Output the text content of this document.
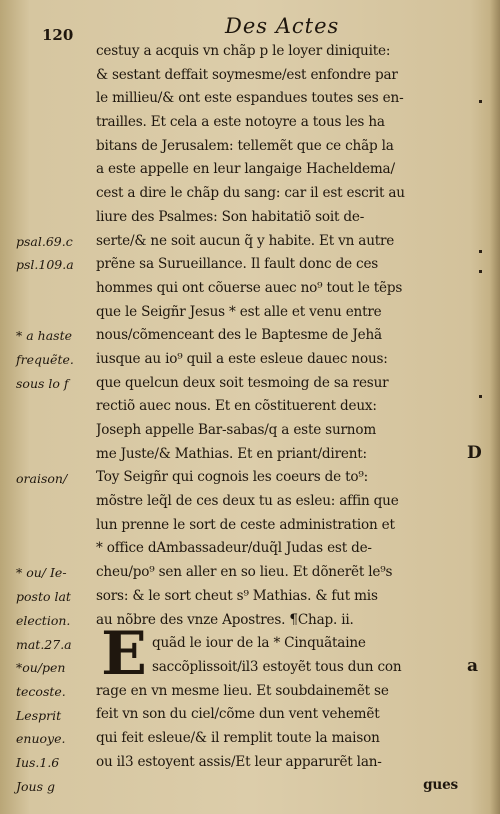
120	Des Actes
psal.69.c
psl.109.a
* a haste
frequẽte.
sous lo f
oraison/
* ou/ Ie-
posto lat
election.
mat.27.a
*ou/pen
tecoste.
Lesprit
enuoye.
Ius.1.6
Jous g
cestuy a acquis vn chãp p le loyer diniquite:
& sestant deffait soymesme/est enfondre par
le millieu/& ont este espandues toutes ses en-
trailles. Et cela a este notoyre a tous les ha
bitans de Jerusalem: tellemẽt que ce chãp la
a este appelle en leur langaige Hacheldema/
cest a dire le chãp du sang: car il est escrit au
liure des Psalmes: Son habitatiõ soit de-
serte/& ne soit aucun q̃ y habite. Et vn autre
prẽne sa Surueillance. Il fault donc de ces
hommes qui ont cõuerse auec no⁹ tout le tẽps
que le Seigñr Jesus * est alle et venu entre
nous/cõmenceant des le Baptesme de Jehã
iusque au io⁹ quil a este esleue dauec nous:
que quelcun deux soit tesmoing de sa resur
rectiõ auec nous. Et en cõstituerent deux:
Joseph appelle Bar-sabas/q a este surnom
me Juste/& Mathias. Et en priant/dirent:
Toy Seigñr qui cognois les coeurs de to⁹:
mõstre leq̃l de ces deux tu as esleu: affin que
lun prenne le sort de ceste administration et
* office dAmbassadeur/duq̃l Judas est de-
cheu/po⁹ sen aller en so lieu. Et dõnerẽt le⁹s
sors: & le sort cheut s⁹ Mathias. & fut mis
au nõbre des vnze Apostres. ¶Chap. ii.
quãd le iour de la * Cinquãtaine
saccõplissoit/il3 estoyẽt tous dun con
rage en vn mesme lieu. Et soubdainemẽt se
feit vn son du ciel/cõme dun vent vehemẽt
qui feit esleue/& il remplit toute la maison
ou il3 estoyent assis/Et leur apparurẽt lan-
gues
E
D
a
